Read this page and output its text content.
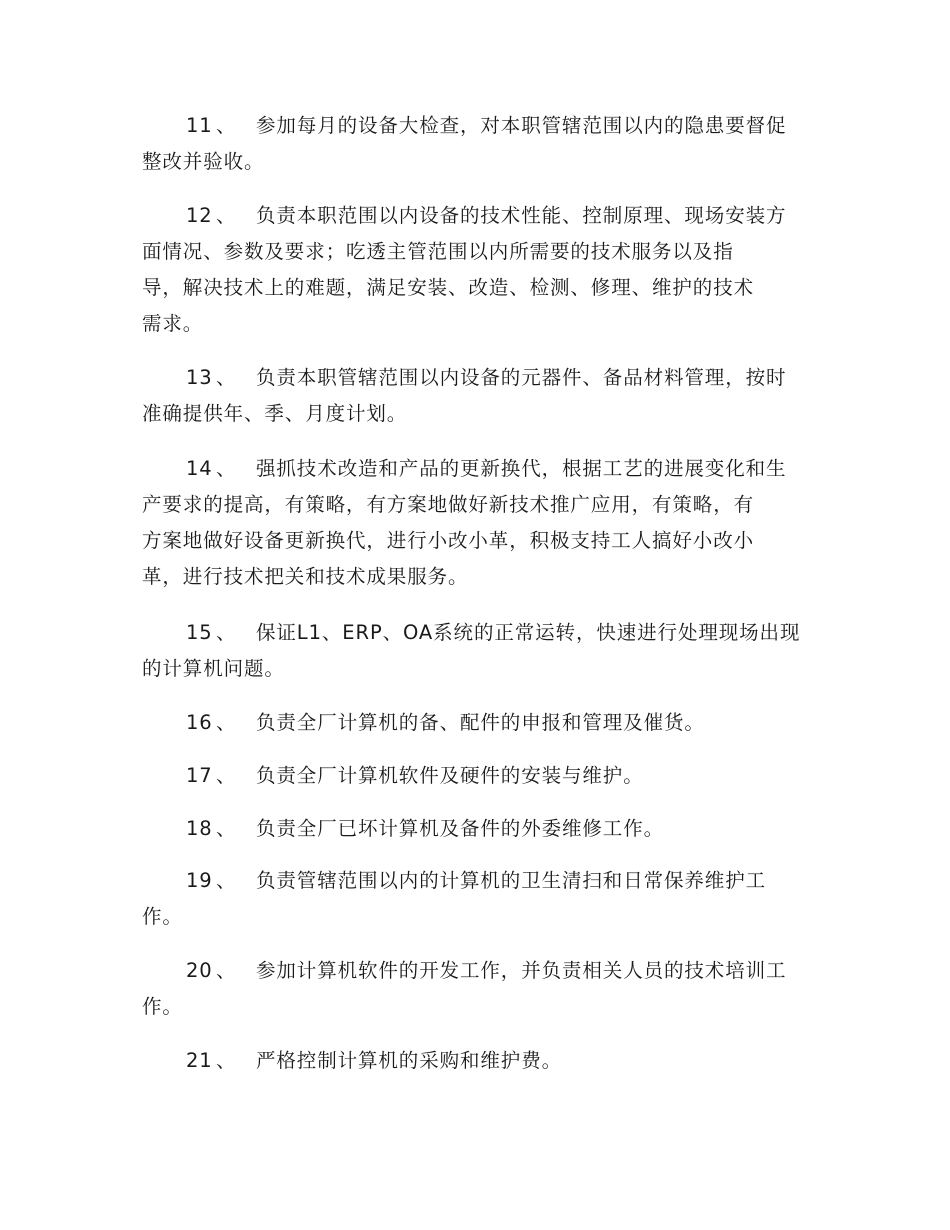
11 、 参加每月的设备大检查，对本职管辖范围以内的隐患要督促
整改并验收。
12 、 负责本职范围以内设备的技术性能、控制原理、现场安装方
面情况、参数及要求；吃透主管范围以内所需要的技术服务以及指
导，解决技术上的难题，满足安装、改造、检测、修理、维护的技术
需求。
13 、 负责本职管辖范围以内设备的元器件、备品材料管理，按时
准确提供年、季、月度计划。
14 、 强抓技术改造和产品的更新换代，根据工艺的进展变化和生
产要求的提高，有策略，有方案地做好新技术推广应用，有策略，有
方案地做好设备更新换代，进行小改小革，积极支持工人搞好小改小
革，进行技术把关和技术成果服务。
15 、 保证L1、ERP、OA系统的正常运转，快速进行处理现场出现
的计算机问题。
16 、 负责全厂计算机的备、配件的申报和管理及催货。
17 、 负责全厂计算机软件及硬件的安装与维护。
18 、 负责全厂已坏计算机及备件的外委维修工作。
19 、 负责管辖范围以内的计算机的卫生清扫和日常保养维护工
作。
20 、 参加计算机软件的开发工作，并负责相关人员的技术培训工
作。
21 、 严格控制计算机的采购和维护费。
